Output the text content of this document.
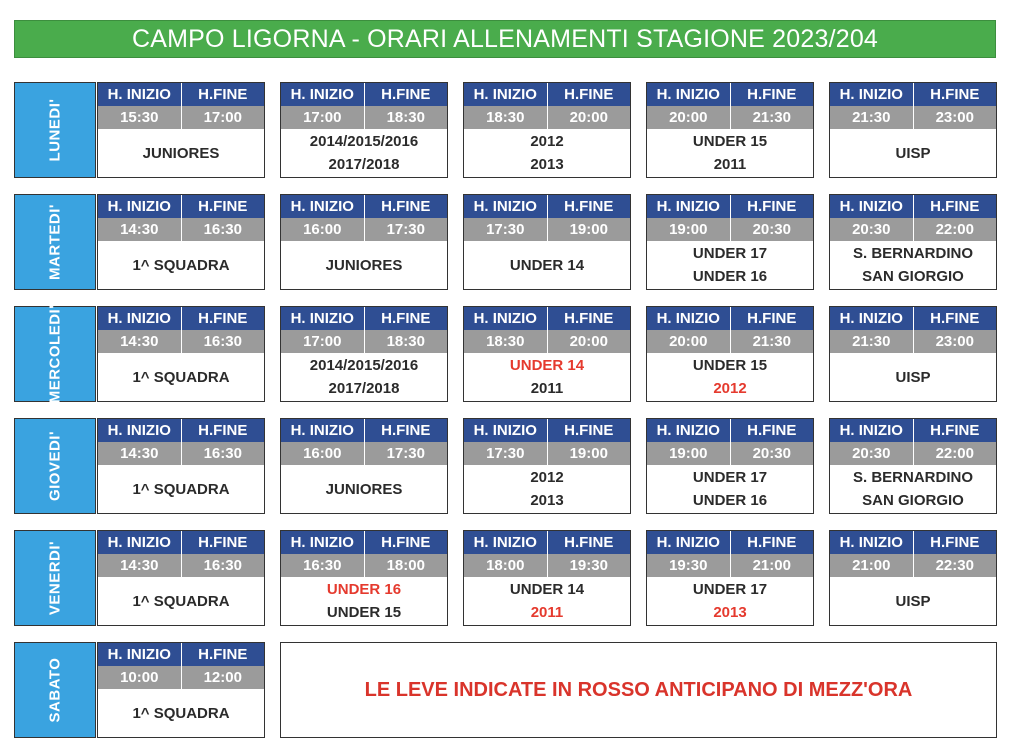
CAMPO LIGORNA - ORARI ALLENAMENTI STAGIONE 2023/204
LUNEDI'
H. INIZIO	H.FINE
15:30	17:00
JUNIORES
H. INIZIO	H.FINE
17:00	18:30
2014/2015/2016
2017/2018
H. INIZIO	H.FINE
18:30	20:00
2012
2013
H. INIZIO	H.FINE
20:00	21:30
UNDER 15
2011
H. INIZIO	H.FINE
21:30	23:00
UISP
MARTEDI'	H. INIZIO	H.FINE
14:30	16:30
1^ SQUADRA
H. INIZIO	H.FINE
16:00	17:30
JUNIORES
H. INIZIO	H.FINE
17:30	19:00
UNDER 14
H. INIZIO	H.FINE
19:00	20:30
UNDER 17
UNDER 16
H. INIZIO	H.FINE
20:30	22:00
S. BERNARDINO
SAN GIORGIO
MERCOLEDI'	H. INIZIO	H.FINE
14:30	16:30
1^ SQUADRA
H. INIZIO	H.FINE
17:00	18:30
2014/2015/2016
2017/2018
H. INIZIO	H.FINE
18:30	20:00
UNDER 14
2011
H. INIZIO	H.FINE
20:00	21:30
UNDER 15
2012
H. INIZIO	H.FINE
21:30	23:00
UISP
GIOVEDI'
H. INIZIO	H.FINE
14:30	16:30
1^ SQUADRA
H. INIZIO	H.FINE
16:00	17:30
JUNIORES
H. INIZIO	H.FINE
17:30	19:00
2012
2013
H. INIZIO	H.FINE
19:00	20:30
UNDER 17
UNDER 16
H. INIZIO	H.FINE
20:30	22:00
S. BERNARDINO
SAN GIORGIO
VENERDI'	H. INIZIO	H.FINE
14:30	16:30
1^ SQUADRA
H. INIZIO	H.FINE
16:30	18:00
UNDER 16
UNDER 15
H. INIZIO	H.FINE
18:00	19:30
UNDER 14
2011
H. INIZIO	H.FINE
19:30	21:00
UNDER 17
2013
H. INIZIO	H.FINE
21:00	22:30
UISP
SABATO
H. INIZIO	H.FINE
10:00	12:00
1^ SQUADRA
LE LEVE INDICATE IN ROSSO ANTICIPANO DI MEZZ'ORA
